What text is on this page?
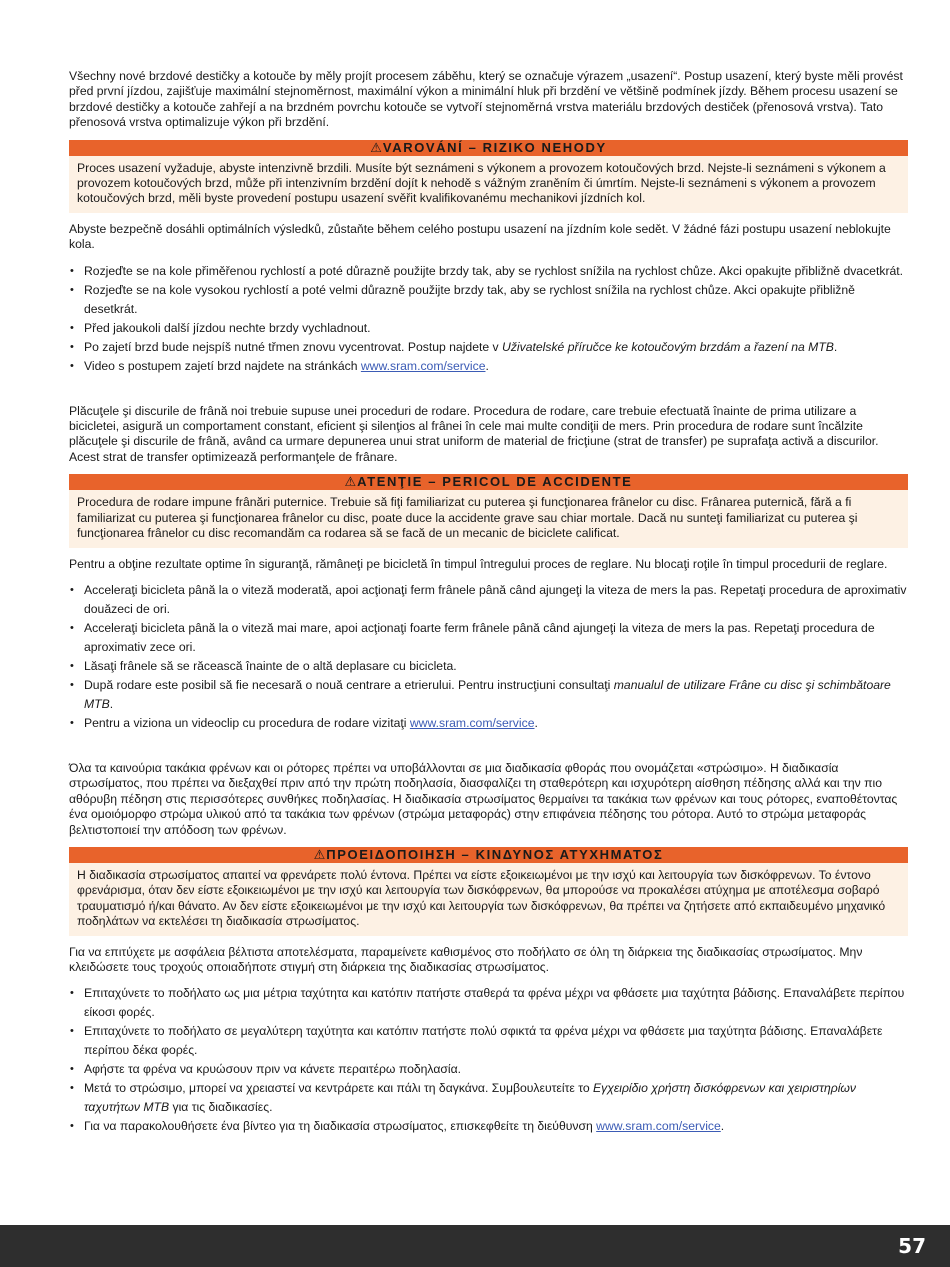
Všechny nové brzdové destičky a kotouče by měly projít procesem záběhu, který se označuje výrazem „usazení“. Postup usazení, který byste měli provést před první jízdou, zajišťuje maximální stejnoměrnost, maximální výkon a minimální hluk při brzdění ve většině podmínek jízdy. Během procesu usazení se brzdové destičky a kotouče zahřejí a na brzdném povrchu kotouče se vytvoří stejnoměrná vrstva materiálu brzdových destiček (přenosová vrstva). Tato přenosová vrstva optimalizuje výkon při brzdění.

⚠VAROVÁNÍ – RIZIKO NEHODY
Proces usazení vyžaduje, abyste intenzivně brzdili. Musíte být seznámeni s výkonem a provozem kotoučových brzd. Nejste-li seznámeni s výkonem a provozem kotoučových brzd, může při intenzivním brzdění dojít k nehodě s vážným zraněním či úmrtím. Nejste-li seznámeni s výkonem a provozem kotoučových brzd, měli byste provedení postupu usazení svěřit kvalifikovanému mechanikovi jízdních kol.

Abyste bezpečně dosáhli optimálních výsledků, zůstaňte během celého postupu usazení na jízdním kole sedět. V žádné fázi postupu usazení neblokujte kola.

• Rozjeďte se na kole přiměřenou rychlostí a poté důrazně použijte brzdy tak, aby se rychlost snížila na rychlost chůze. Akci opakujte přibližně dvacetkrát.
• Rozjeďte se na kole vysokou rychlostí a poté velmi důrazně použijte brzdy tak, aby se rychlost snížila na rychlost chůze. Akci opakujte přibližně desetkrát.
• Před jakoukoli další jízdou nechte brzdy vychladnout.
• Po zajetí brzd bude nejspíš nutné třmen znovu vycentrovat. Postup najdete v Uživatelské příručce ke kotoučovým brzdám a řazení na MTB.
• Video s postupem zajetí brzd najdete na stránkách www.sram.com/service.

Plăcuţele şi discurile de frână noi trebuie supuse unei proceduri de rodare. Procedura de rodare, care trebuie efectuată înainte de prima utilizare a bicicletei, asigură un comportament constant, eficient şi silenţios al frânei în cele mai multe condiţii de mers. Prin procedura de rodare sunt încălzite plăcuţele şi discurile de frână, având ca urmare depunerea unui strat uniform de material de fricţiune (strat de transfer) pe suprafaţa activă a discurilor. Acest strat de transfer optimizează performanţele de frânare.

⚠ATENŢIE – PERICOL DE ACCIDENTE
Procedura de rodare impune frânări puternice. Trebuie să fiţi familiarizat cu puterea şi funcţionarea frânelor cu disc. Frânarea puternică, fără a fi familiarizat cu puterea şi funcţionarea frânelor cu disc, poate duce la accidente grave sau chiar mortale. Dacă nu sunteţi familiarizat cu puterea şi funcţionarea frânelor cu disc recomandăm ca rodarea să se facă de un mecanic de biciclete calificat.

Pentru a obţine rezultate optime în siguranţă, rămâneţi pe bicicletă în timpul întregului proces de reglare. Nu blocaţi roţile în timpul procedurii de reglare.

• Acceleraţi bicicleta până la o viteză moderată, apoi acţionaţi ferm frânele până când ajungeţi la viteza de mers la pas. Repetaţi procedura de aproximativ douăzeci de ori.
• Acceleraţi bicicleta până la o viteză mai mare, apoi acţionaţi foarte ferm frânele până când ajungeţi la viteza de mers la pas. Repetaţi procedura de aproximativ zece ori.
• Lăsaţi frânele să se răcească înainte de o altă deplasare cu bicicleta.
• După rodare este posibil să fie necesară o nouă centrare a etrierului. Pentru instrucţiuni consultaţi manualul de utilizare Frâne cu disc şi schimbătoare MTB.
• Pentru a viziona un videoclip cu procedura de rodare vizitaţi www.sram.com/service.

Όλα τα καινούρια τακάκια φρένων και οι ρότορες πρέπει να υποβάλλονται σε μια διαδικασία φθοράς που ονομάζεται «στρώσιμο». Η διαδικασία στρωσίματος, που πρέπει να διεξαχθεί πριν από την πρώτη ποδηλασία, διασφαλίζει τη σταθερότερη και ισχυρότερη αίσθηση πέδησης αλλά και την πιο αθόρυβη πέδηση στις περισσότερες συνθήκες ποδηλασίας. Η διαδικασία στρωσίματος θερμαίνει τα τακάκια των φρένων και τους ρότορες, εναποθέτοντας ένα ομοιόμορφο στρώμα υλικού από τα τακάκια των φρένων (στρώμα μεταφοράς) στην επιφάνεια πέδησης του ρότορα. Αυτό το στρώμα μεταφοράς βελτιστοποιεί την απόδοση των φρένων.

⚠ΠΡΟΕΙΔΟΠΟΙΗΣΗ – ΚΙΝΔΥΝΟΣ ΑΤΥΧΗΜΑΤΟΣ
Η διαδικασία στρωσίματος απαιτεί να φρενάρετε πολύ έντονα. Πρέπει να είστε εξοικειωμένοι με την ισχύ και λειτουργία των δισκόφρενων. Το έντονο φρενάρισμα, όταν δεν είστε εξοικειωμένοι με την ισχύ και λειτουργία των δισκόφρενων, θα μπορούσε να προκαλέσει ατύχημα με αποτέλεσμα σοβαρό τραυματισμό ή/και θάνατο. Αν δεν είστε εξοικειωμένοι με την ισχύ και λειτουργία των δισκόφρενων, θα πρέπει να ζητήσετε από εκπαιδευμένο μηχανικό ποδηλάτων να εκτελέσει τη διαδικασία στρωσίματος.

Για να επιτύχετε με ασφάλεια βέλτιστα αποτελέσματα, παραμείνετε καθισμένος στο ποδήλατο σε όλη τη διάρκεια της διαδικασίας στρωσίματος. Μην κλειδώσετε τους τροχούς οποιαδήποτε στιγμή στη διάρκεια της διαδικασίας στρωσίματος.

• Επιταχύνετε το ποδήλατο ως μια μέτρια ταχύτητα και κατόπιν πατήστε σταθερά τα φρένα μέχρι να φθάσετε μια ταχύτητα βάδισης. Επαναλάβετε περίπου είκοσι φορές.
• Επιταχύνετε το ποδήλατο σε μεγαλύτερη ταχύτητα και κατόπιν πατήστε πολύ σφικτά τα φρένα μέχρι να φθάσετε μια ταχύτητα βάδισης. Επαναλάβετε περίπου δέκα φορές.
• Αφήστε τα φρένα να κρυώσουν πριν να κάνετε περαιτέρω ποδηλασία.
• Μετά το στρώσιμο, μπορεί να χρειαστεί να κεντράρετε και πάλι τη δαγκάνα. Συμβουλευτείτε το Εγχειρίδιο χρήστη δισκόφρενων και χειριστηρίων ταχυτήτων MTB για τις διαδικασίες.
• Για να παρακολουθήσετε ένα βίντεο για τη διαδικασία στρωσίματος, επισκεφθείτε τη διεύθυνση www.sram.com/service.
57
